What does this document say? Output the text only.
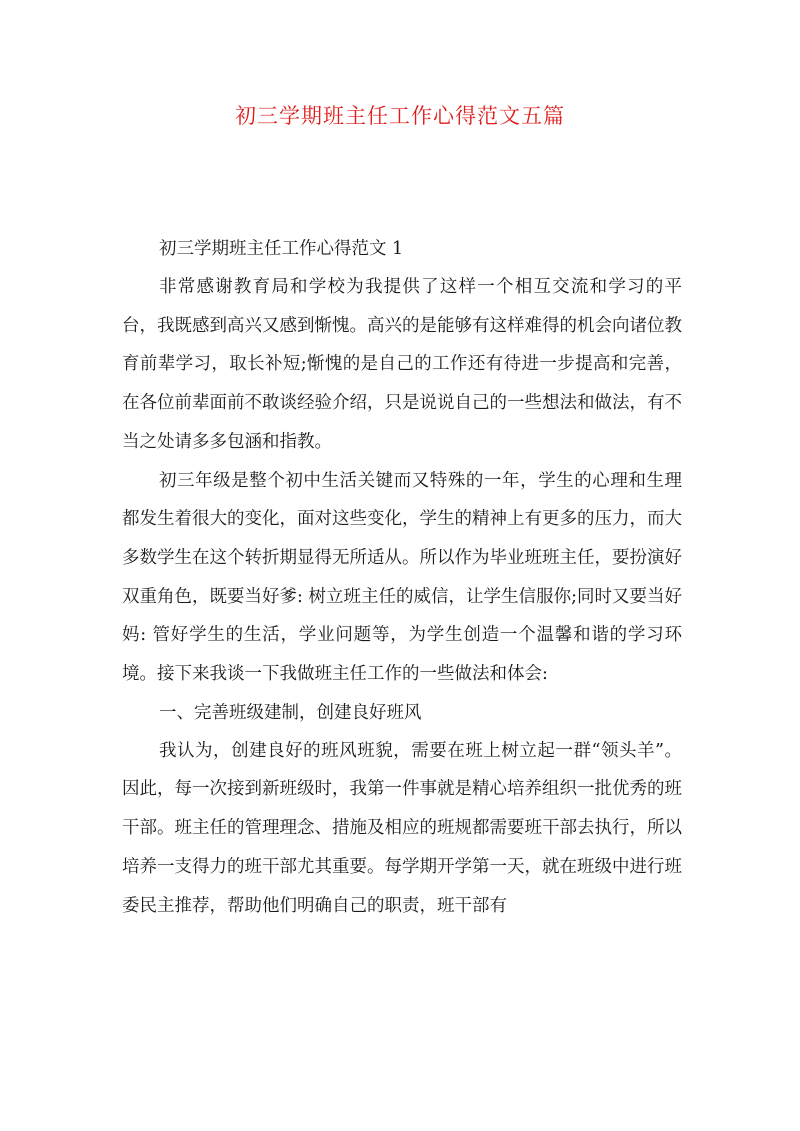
初三学期班主任工作心得范文五篇

初三学期班主任工作心得范文 1

非常感谢教育局和学校为我提供了这样一个相互交流和学习的平台，我既感到高兴又感到惭愧。高兴的是能够有这样难得的机会向诸位教育前辈学习，取长补短;惭愧的是自己的工作还有待进一步提高和完善，在各位前辈面前不敢谈经验介绍，只是说说自己的一些想法和做法，有不当之处请多多包涵和指教。

初三年级是整个初中生活关键而又特殊的一年，学生的心理和生理都发生着很大的变化，面对这些变化，学生的精神上有更多的压力，而大多数学生在这个转折期显得无所适从。所以作为毕业班班主任，要扮演好双重角色，既要当好爹: 树立班主任的威信，让学生信服你;同时又要当好妈: 管好学生的生活，学业问题等，为学生创造一个温馨和谐的学习环境。接下来我谈一下我做班主任工作的一些做法和体会:

一、完善班级建制，创建良好班风

我认为，创建良好的班风班貌，需要在班上树立起一群“领头羊”。因此，每一次接到新班级时，我第一件事就是精心培养组织一批优秀的班干部。班主任的管理理念、措施及相应的班规都需要班干部去执行，所以培养一支得力的班干部尤其重要。每学期开学第一天，就在班级中进行班委民主推荐，帮助他们明确自己的职责，班干部有
